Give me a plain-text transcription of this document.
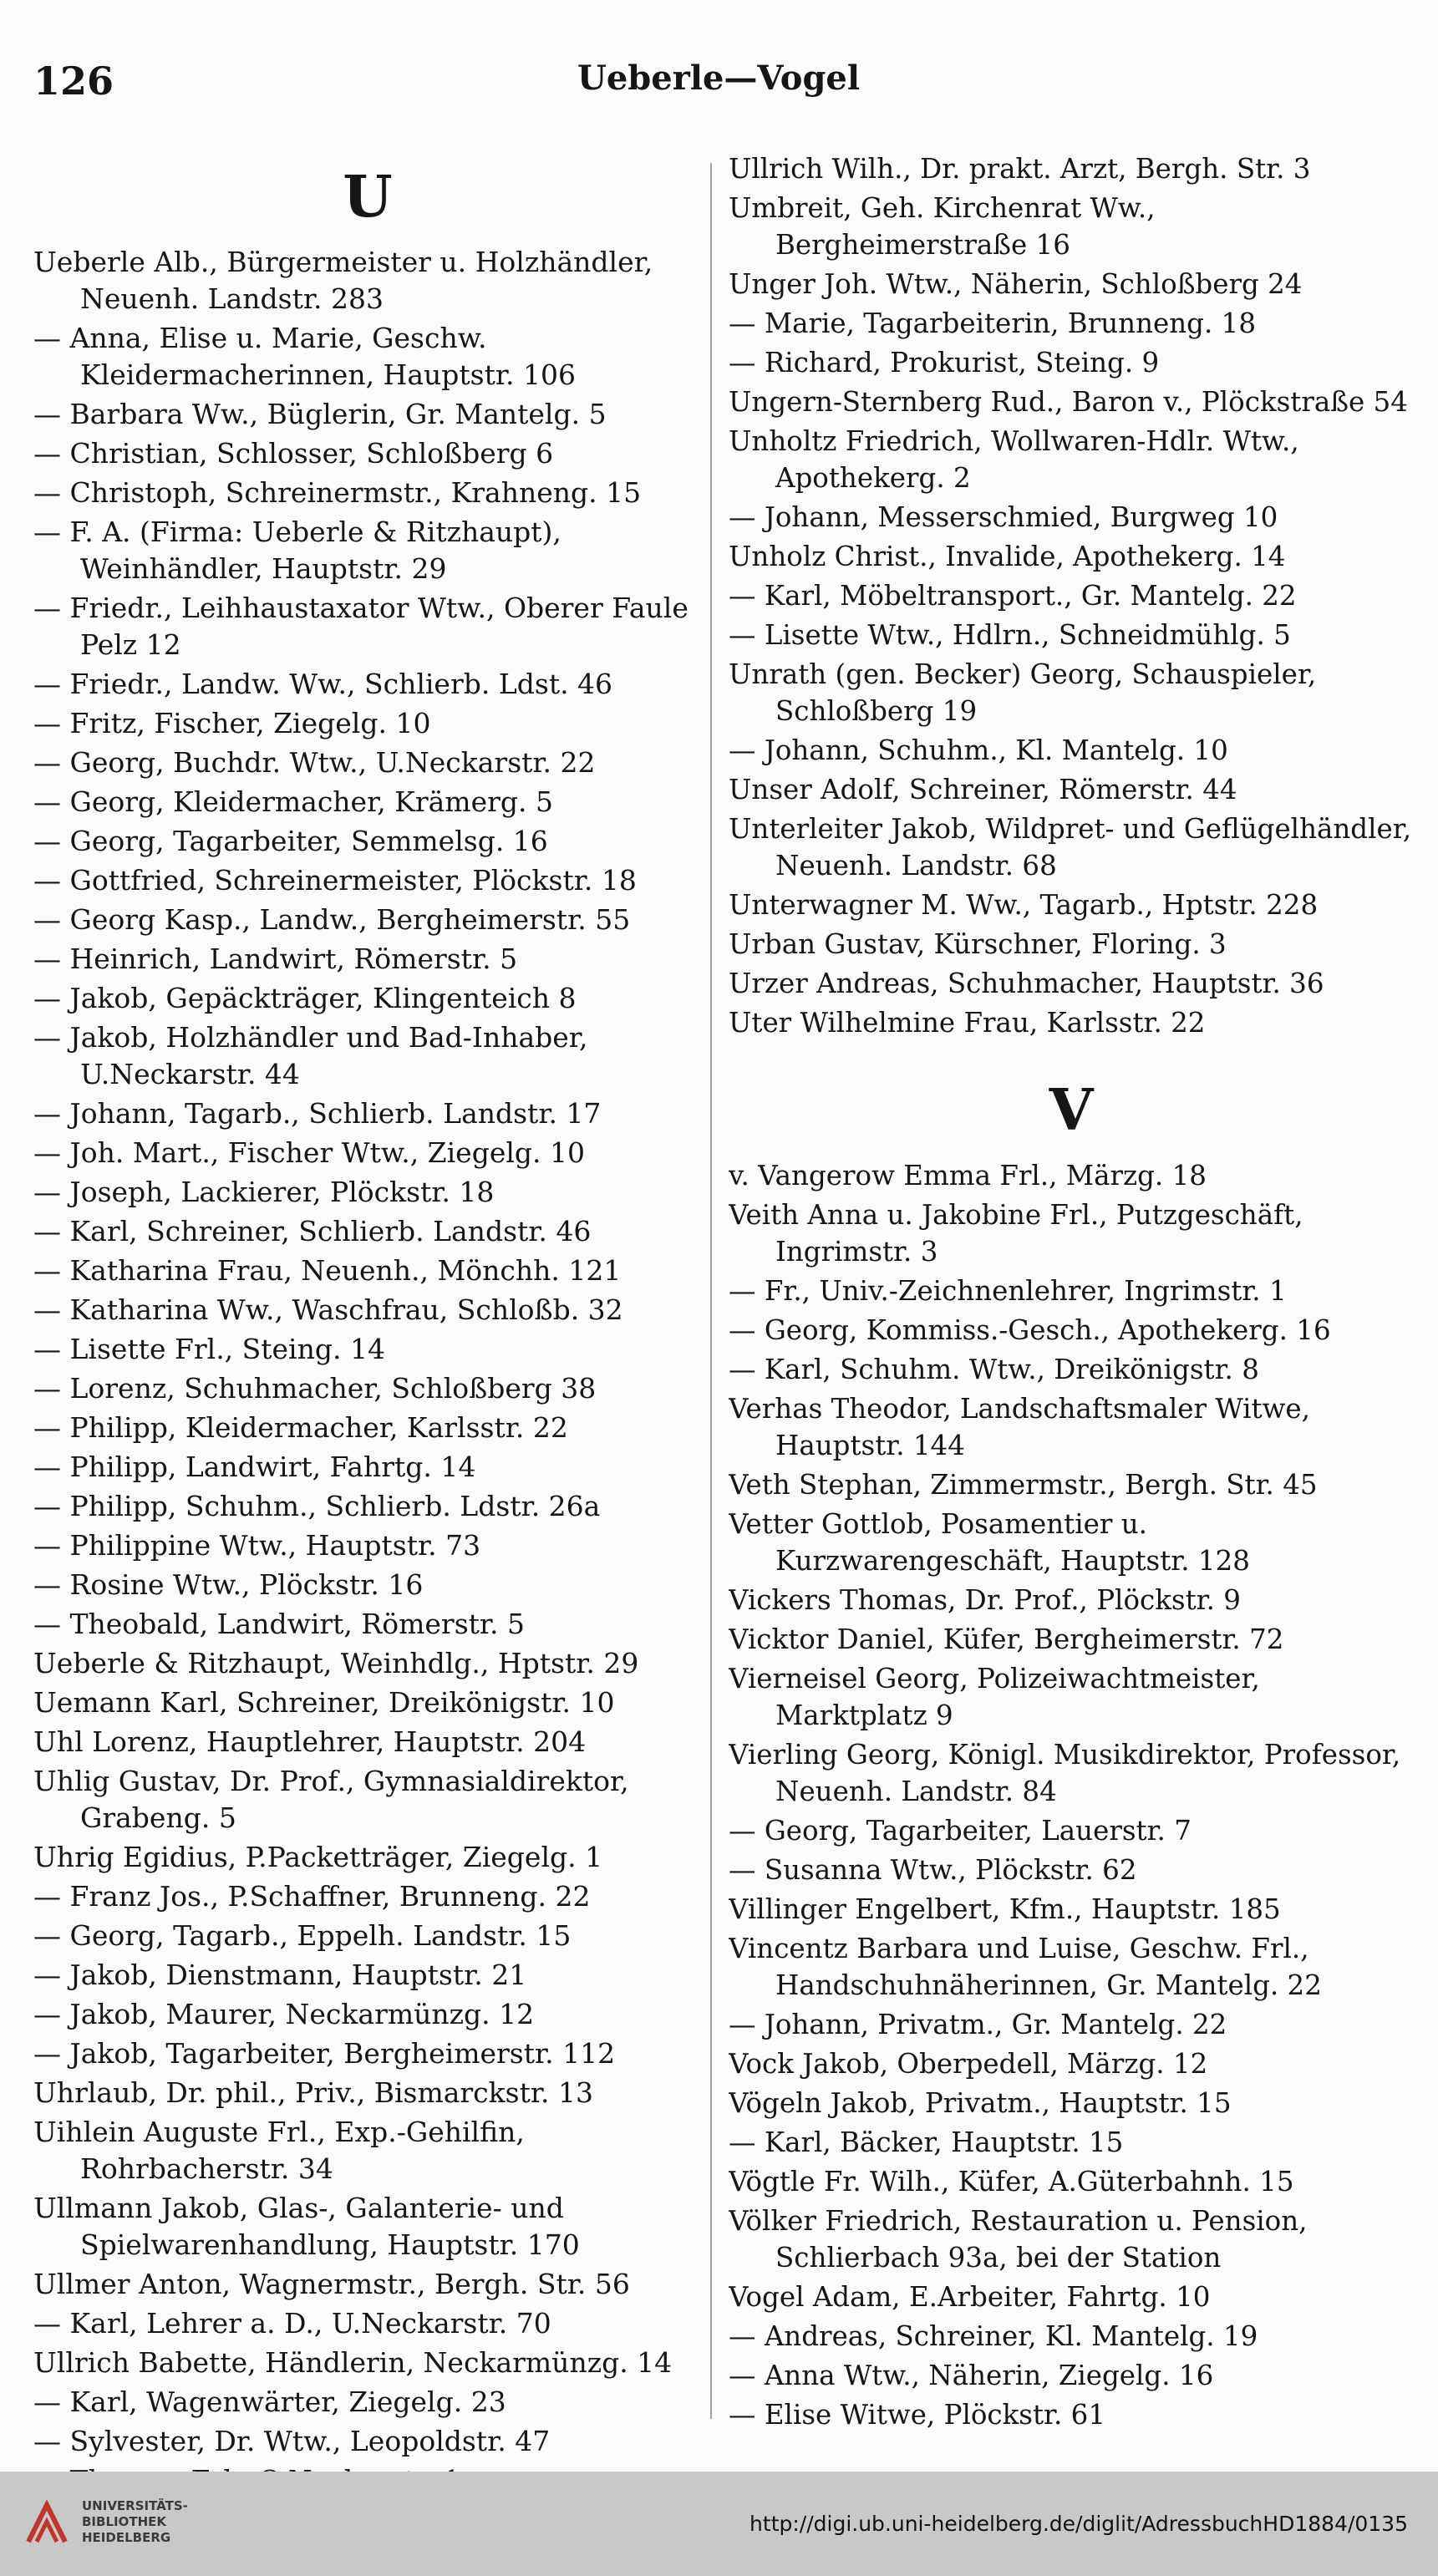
126	Ueberle—Vogel
U

Ueberle Alb., Bürgermeister u. Holzhändler, Neuenh. Landstr. 283

— Anna, Elise u. Marie, Geschw. Kleidermacherinnen, Hauptstr. 106

— Barbara Ww., Büglerin, Gr. Mantelg. 5

— Christian, Schlosser, Schloßberg 6

— Christoph, Schreinermstr., Krahneng. 15

— F. A. (Firma: Ueberle & Ritzhaupt), Weinhändler, Hauptstr. 29

— Friedr., Leihhaustaxator Wtw., Oberer Faule Pelz 12

— Friedr., Landw. Ww., Schlierb. Ldst. 46

— Fritz, Fischer, Ziegelg. 10

— Georg, Buchdr. Wtw., U.Neckarstr. 22

— Georg, Kleidermacher, Krämerg. 5

— Georg, Tagarbeiter, Semmelsg. 16

— Gottfried, Schreinermeister, Plöckstr. 18

— Georg Kasp., Landw., Bergheimerstr. 55

— Heinrich, Landwirt, Römerstr. 5

— Jakob, Gepäckträger, Klingenteich 8

— Jakob, Holzhändler und Bad-Inhaber, U.Neckarstr. 44

— Johann, Tagarb., Schlierb. Landstr. 17

— Joh. Mart., Fischer Wtw., Ziegelg. 10

— Joseph, Lackierer, Plöckstr. 18

— Karl, Schreiner, Schlierb. Landstr. 46

— Katharina Frau, Neuenh., Mönchh. 121

— Katharina Ww., Waschfrau, Schloßb. 32

— Lisette Frl., Steing. 14

— Lorenz, Schuhmacher, Schloßberg 38

— Philipp, Kleidermacher, Karlsstr. 22

— Philipp, Landwirt, Fahrtg. 14

— Philipp, Schuhm., Schlierb. Ldstr. 26a

— Philippine Wtw., Hauptstr. 73

— Rosine Wtw., Plöckstr. 16

— Theobald, Landwirt, Römerstr. 5

Ueberle & Ritzhaupt, Weinhdlg., Hptstr. 29

Uemann Karl, Schreiner, Dreikönigstr. 10

Uhl Lorenz, Hauptlehrer, Hauptstr. 204

Uhlig Gustav, Dr. Prof., Gymnasialdirektor, Grabeng. 5

Uhrig Egidius, P.Packetträger, Ziegelg. 1

— Franz Jos., P.Schaffner, Brunneng. 22

— Georg, Tagarb., Eppelh. Landstr. 15

— Jakob, Dienstmann, Hauptstr. 21

— Jakob, Maurer, Neckarmünzg. 12

— Jakob, Tagarbeiter, Bergheimerstr. 112

Uhrlaub, Dr. phil., Priv., Bismarckstr. 13

Uihlein Auguste Frl., Exp.-Gehilfin, Rohrbacherstr. 34

Ullmann Jakob, Glas-, Galanterie- und Spielwarenhandlung, Hauptstr. 170

Ullmer Anton, Wagnermstr., Bergh. Str. 56

— Karl, Lehrer a. D., U.Neckarstr. 70

Ullrich Babette, Händlerin, Neckarmünzg. 14

— Karl, Wagenwärter, Ziegelg. 23

— Sylvester, Dr. Wtw., Leopoldstr. 47

Ullrich Wilh., Dr. prakt. Arzt, Bergh. Str. 3

Umbreit, Geh. Kirchenrat Ww., Bergheimerstraße 16

Unger Joh. Wtw., Näherin, Schloßberg 24

— Marie, Tagarbeiterin, Brunneng. 18

— Richard, Prokurist, Steing. 9

Ungern-Sternberg Rud., Baron v., Plöckstraße 54

Unholtz Friedrich, Wollwaren-Hdlr. Wtw., Apothekerg. 2

— Johann, Messerschmied, Burgweg 10

Unholz Christ., Invalide, Apothekerg. 14

— Karl, Möbeltransport., Gr. Mantelg. 22

— Lisette Wtw., Hdlrn., Schneidmühlg. 5

Unrath (gen. Becker) Georg, Schauspieler, Schloßberg 19

— Johann, Schuhm., Kl. Mantelg. 10

Unser Adolf, Schreiner, Römerstr. 44

Unterleiter Jakob, Wildpret- und Geflügelhändler, Neuenh. Landstr. 68

Unterwagner M. Ww., Tagarb., Hptstr. 228

Urban Gustav, Kürschner, Floring. 3

Urzer Andreas, Schuhmacher, Hauptstr. 36

Uter Wilhelmine Frau, Karlsstr. 22

V

v. Vangerow Emma Frl., Märzg. 18

Veith Anna u. Jakobine Frl., Putzgeschäft, Ingrimstr. 3

— Fr., Univ.-Zeichnenlehrer, Ingrimstr. 1

— Georg, Kommiss.-Gesch., Apothekerg. 16

— Karl, Schuhm. Wtw., Dreikönigstr. 8

Verhas Theodor, Landschaftsmaler Witwe, Hauptstr. 144

Veth Stephan, Zimmermstr., Bergh. Str. 45

Vetter Gottlob, Posamentier u. Kurzwarengeschäft, Hauptstr. 128

Vickers Thomas, Dr. Prof., Plöckstr. 9

Vicktor Daniel, Küfer, Bergheimerstr. 72

Vierneisel Georg, Polizeiwachtmeister, Marktplatz 9

Vierling Georg, Königl. Musikdirektor, Professor, Neuenh. Landstr. 84

— Georg, Tagarbeiter, Lauerstr. 7

— Susanna Wtw., Plöckstr. 62

Villinger Engelbert, Kfm., Hauptstr. 185

Vincentz Barbara und Luise, Geschw. Frl., Handschuhnäherinnen, Gr. Mantelg. 22

— Johann, Privatm., Gr. Mantelg. 22

Vock Jakob, Oberpedell, Märzg. 12

Vögeln Jakob, Privatm., Hauptstr. 15

— Karl, Bäcker, Hauptstr. 15

Vögtle Fr. Wilh., Küfer, A.Güterbahnh. 15

Völker Friedrich, Restauration u. Pension, Schlierbach 93a, bei der Station

Vogel Adam, E.Arbeiter, Fahrtg. 10

— Andreas, Schreiner, Kl. Mantelg. 19

— Anna Wtw., Näherin, Ziegelg. 16

— Elise Witwe, Plöckstr. 61

UNIVERSITÄTS-
BIBLIOTHEK
HEIDELBERG
http://digi.ub.uni-heidelberg.de/diglit/AdressbuchHD1884/0135
